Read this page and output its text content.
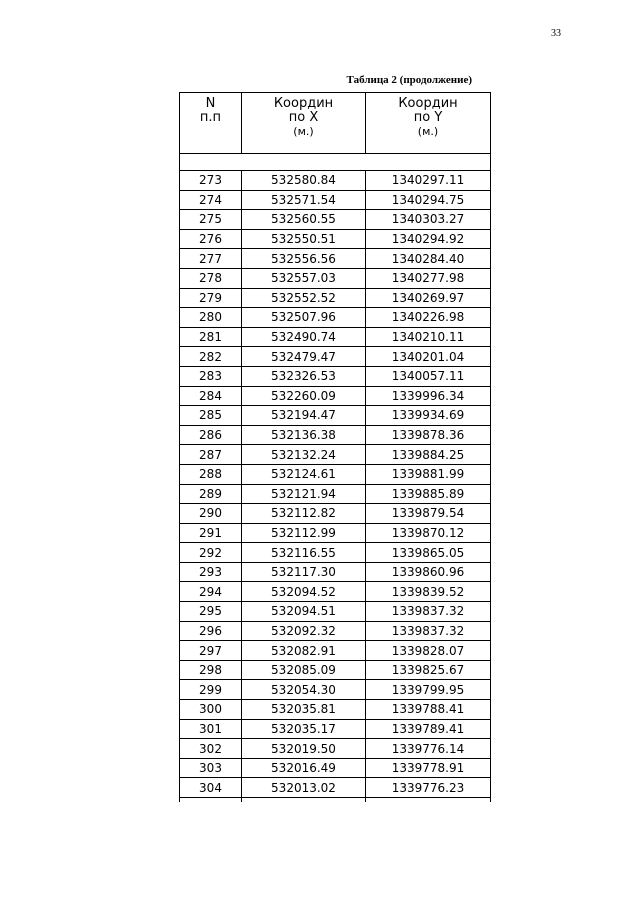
33
Таблица 2 (продолжение)
N
п.п	Координ
по X
(м.)	Координ
по Y
(м.)

273	532580.84	1340297.11
274	532571.54	1340294.75
275	532560.55	1340303.27
276	532550.51	1340294.92
277	532556.56	1340284.40
278	532557.03	1340277.98
279	532552.52	1340269.97
280	532507.96	1340226.98
281	532490.74	1340210.11
282	532479.47	1340201.04
283	532326.53	1340057.11
284	532260.09	1339996.34
285	532194.47	1339934.69
286	532136.38	1339878.36
287	532132.24	1339884.25
288	532124.61	1339881.99
289	532121.94	1339885.89
290	532112.82	1339879.54
291	532112.99	1339870.12
292	532116.55	1339865.05
293	532117.30	1339860.96
294	532094.52	1339839.52
295	532094.51	1339837.32
296	532092.32	1339837.32
297	532082.91	1339828.07
298	532085.09	1339825.67
299	532054.30	1339799.95
300	532035.81	1339788.41
301	532035.17	1339789.41
302	532019.50	1339776.14
303	532016.49	1339778.91
304	532013.02	1339776.23
